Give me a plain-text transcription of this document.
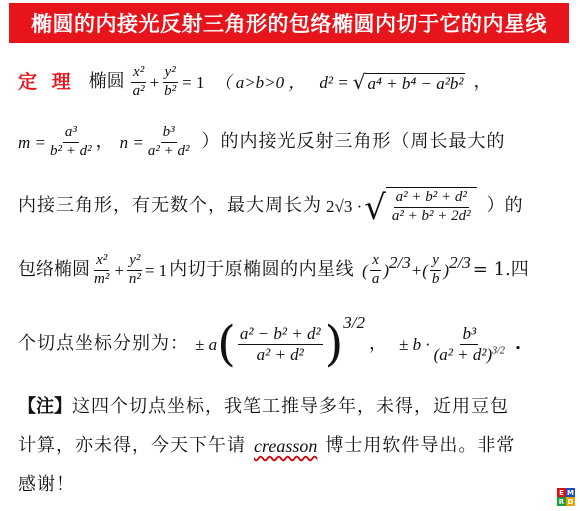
椭圆的内接光反射三角形的包络椭圆内切于它的内星线
定 理 椭圆 $\frac{\text{x²}}{\text{a²}} + \frac{\text{y²}}{\text{b²}} = 1$ （ a>b>0 ， d² = √ a⁴ + b⁴ − a²b² ，
$m = \frac{\text{a³}}{\text{b² + d²}}$ ， $n = \frac{\text{b³}}{\text{a² + d²}}$ ）的内接光反射三角形（周长最大的
内接三角形，有无数个，最大周长为 2√3 · √ $\frac{\text{a² + b² + d²}}{\text{a² + b² + 2d²}}$ ）的
包络椭圆 $\frac{\text{x²}}{\text{m²}} + \frac{\text{y²}}{\text{n²}} = 1$ 内切于原椭圆的内星线 ( $\frac{x}{a}$ ) 2/3 +( $\frac{y}{b}$ ) 2/3 = 1.四
个切点坐标分别为： ± a ( $\frac{\text{a² − b² + d²}}{\text{a² + d²}}$ ) 3/2
， ± $b \cdot \frac{\text{b³}}{(a^2 + d^2)^{3/2}}$ .
【注】 这四个切点坐标，我笔工推导多年，未得，近用豆包
计算，亦未得，今天下午请 creasson 博士用软件导出。非常
感谢！	E M
R D
